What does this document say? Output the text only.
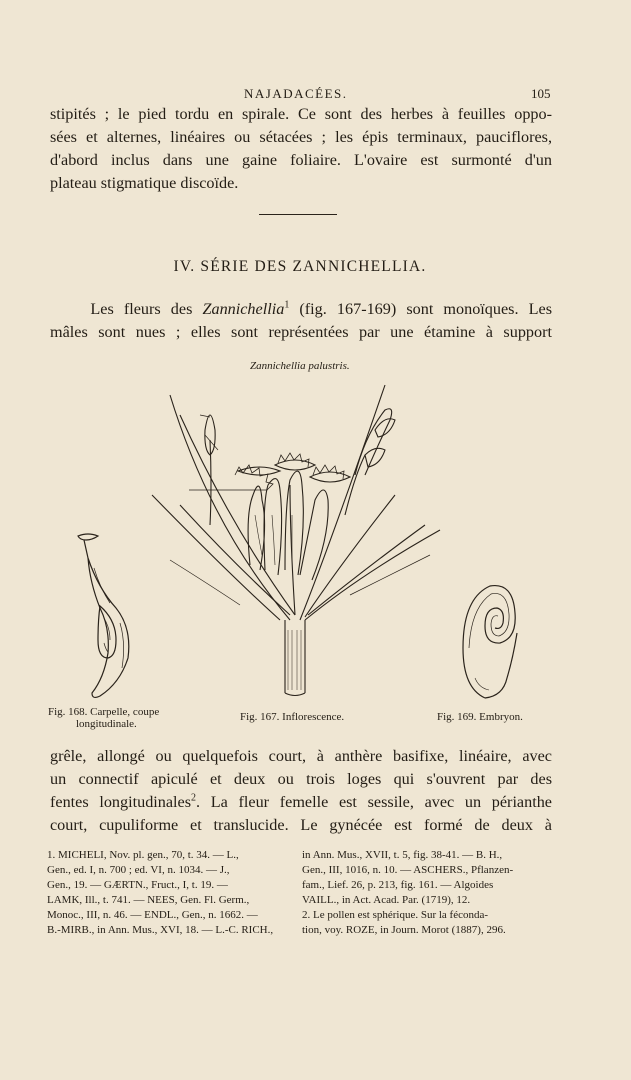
NAJADACÉES.	105
stipités ; le pied tordu en spirale. Ce sont des herbes à feuilles oppo-
sées et alternes, linéaires ou sétacées ; les épis terminaux, pauciflores,
d'abord inclus dans une gaine foliaire. L'ovaire est surmonté d'un
plateau stigmatique discoïde.
IV. SÉRIE DES ZANNICHELLIA.
Les fleurs des Zannichellia$^1$ (fig. 167-169) sont monoïques. Les
mâles sont nues ; elles sont représentées par une étamine à support
Zannichellia palustris.
Fig. 168. Carpelle, coupe
longitudinale.
Fig. 167. Inflorescence.	Fig. 169. Embryon.
grêle, allongé ou quelquefois court, à anthère basifixe, linéaire, avec
un connectif apiculé et deux ou trois loges qui s'ouvrent par des
fentes longitudinales$^2$. La fleur femelle est sessile, avec un périanthe
court, cupuliforme et translucide. Le gynécée est formé de deux à
1. MICHELI, Nov. pl. gen., 70, t. 34. — L.,
Gen., ed. I, n. 700 ; ed. VI, n. 1034. — J.,
Gen., 19. — GÆRTN., Fruct., I, t. 19. —
LAMK, Ill., t. 741. — NEES, Gen. Fl. Germ.,
Monoc., III, n. 46. — ENDL., Gen., n. 1662. —
B.-MIRB., in Ann. Mus., XVI, 18. — L.-C. RICH.,
in Ann. Mus., XVII, t. 5, fig. 38-41. — B. H.,
Gen., III, 1016, n. 10. — ASCHERS., Pflanzen-
fam., Lief. 26, p. 213, fig. 161. — Algoides
VAILL., in Act. Acad. Par. (1719), 12.
2. Le pollen est sphérique. Sur la féconda-
tion, voy. ROZE, in Journ. Morot (1887), 296.
